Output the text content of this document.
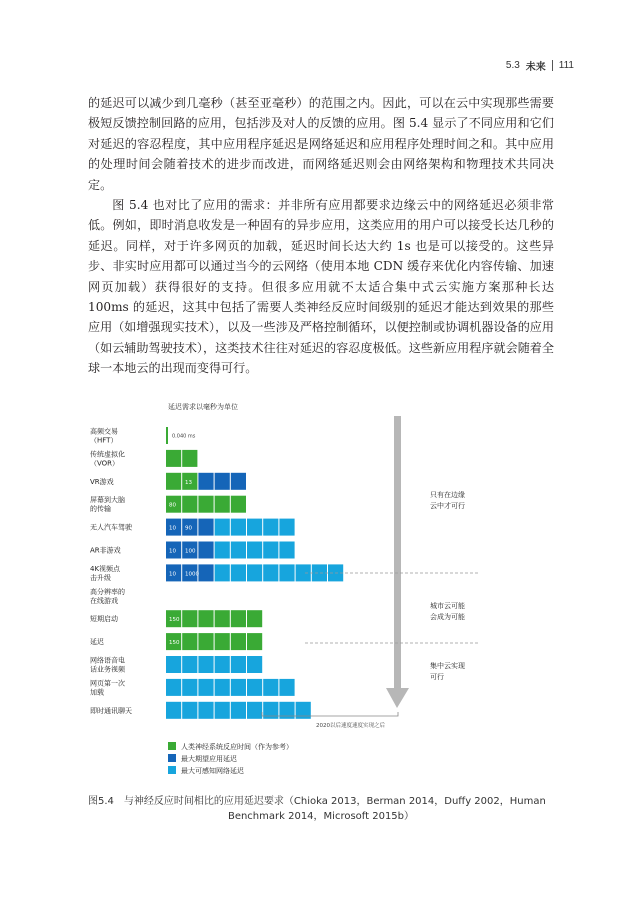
5.3 未来 111

的延迟可以减少到几毫秒（甚至亚毫秒）的范围之内。因此，可以在云中实现那些需要极短反馈控制回路的应用，包括涉及对人的反馈的应用。图 5.4 显示了不同应用和它们对延迟的容忍程度，其中应用程序延迟是网络延迟和应用程序处理时间之和。其中应用的处理时间会随着技术的进步而改进，而网络延迟则会由网络架构和物理技术共同决定。

图 5.4 也对比了应用的需求：并非所有应用都要求边缘云中的网络延迟必须非常低。例如，即时消息收发是一种固有的异步应用，这类应用的用户可以接受长达几秒的延迟。同样，对于许多网页的加载，延迟时间长达大约 1s 也是可以接受的。这些异步、非实时应用都可以通过当今的云网络（使用本地 CDN 缓存来优化内容传输、加速网页加载）获得很好的支持。但很多应用就不太适合集中式云实施方案那种长达 100ms 的延迟，这其中包括了需要人类神经反应时间级别的延迟才能达到效果的那些应用（如增强现实技术），以及一些涉及严格控制循环，以便控制或协调机器设备的应用（如云辅助驾驶技术），这类技术往往对延迟的容忍度极低。这些新应用程序就会随着全球一本地云的出现而变得可行。

延迟需求以毫秒为单位
高频交易（HFT）
传统虚拟化（VOR）
VR游戏
屏幕到大脑的传输
无人汽车驾驶
AR非游戏
4K视频点击升级
高分辨率的在线游戏
短期启动
延迟
网络语音电话业务视频
网页第一次加载
即时通讯聊天
80
150
150
13
10
10
10
90
100
1000
150
1000
4000+
0.040 ms
只有在边缘云中才可行
城市云可能会成为可能
集中云实现可行
2020以后速度速度实现之后
人类神经系统反应时间（作为参考）
最大期望应用延迟
最大可感知网络延迟
图5.4　与神经反应时间相比的应用延迟要求（Chioka 2013，Berman 2014，Duffy 2002，Human
Benchmark 2014，Microsoft 2015b）
